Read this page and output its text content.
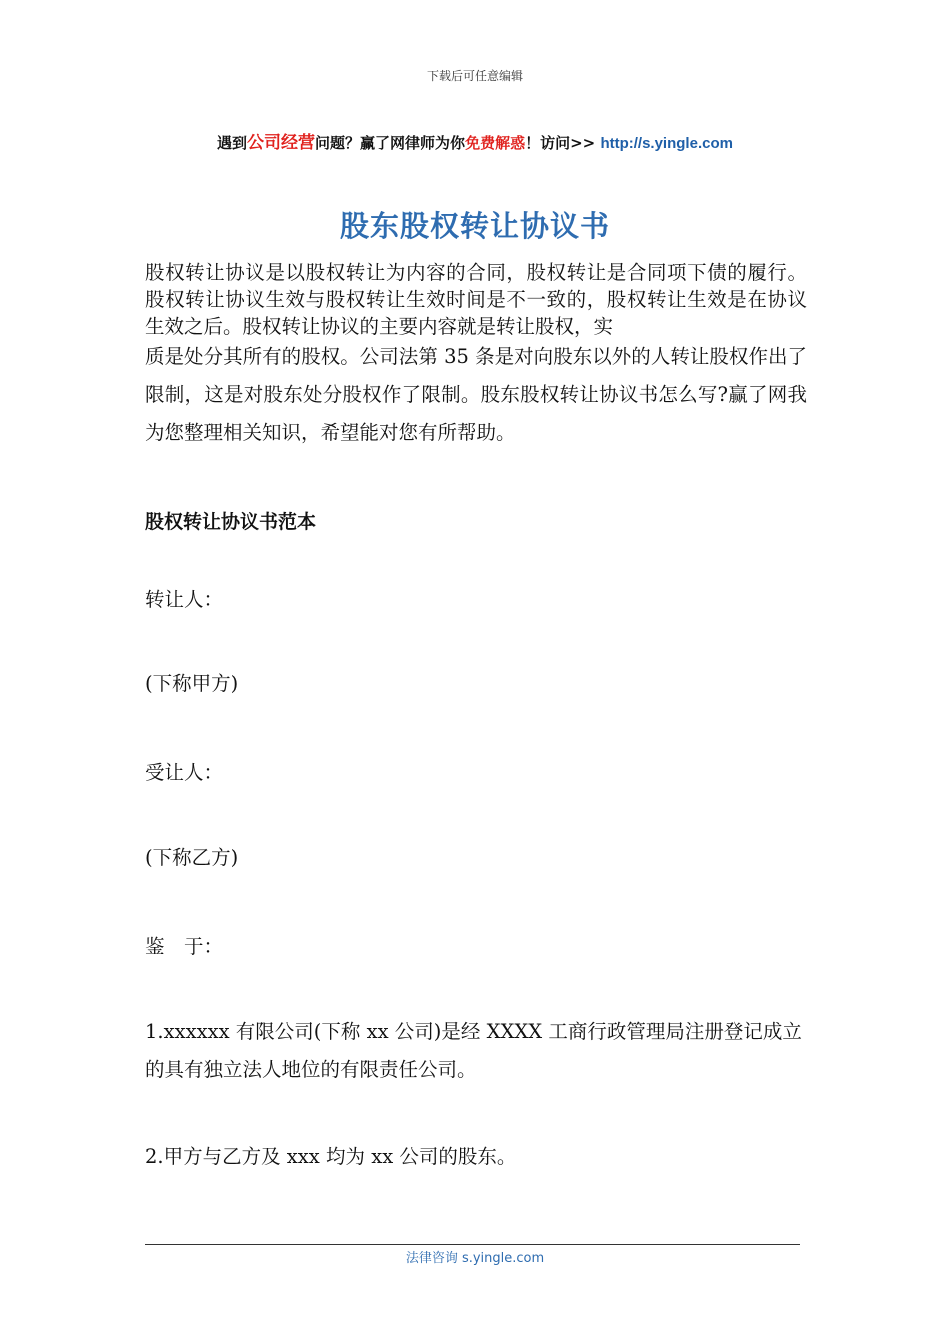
下载后可任意编辑
遇到公司经营问题？赢了网律师为你免费解惑！访问>> http://s.yingle.com
股东股权转让协议书
股权转让协议是以股权转让为内容的合同，股权转让是合同项下债的履行。股权转让协议生效与股权转让生效时间是不一致的，股权转让生效是在协议生效之后。股权转让协议的主要内容就是转让股权，实
质是处分其所有的股权。公司法第 35 条是对向股东以外的人转让股权作出了限制，这是对股东处分股权作了限制。股东股权转让协议书怎么写?赢了网我为您整理相关知识，希望能对您有所帮助。
股权转让协议书范本
转让人：
(下称甲方)
受让人：
(下称乙方)
鉴　于：
1.xxxxxx 有限公司(下称 xx 公司)是经 XXXX 工商行政管理局注册登记成立的具有独立法人地位的有限责任公司。
2.甲方与乙方及 xxx 均为 xx 公司的股东。
法律咨询 s.yingle.com
